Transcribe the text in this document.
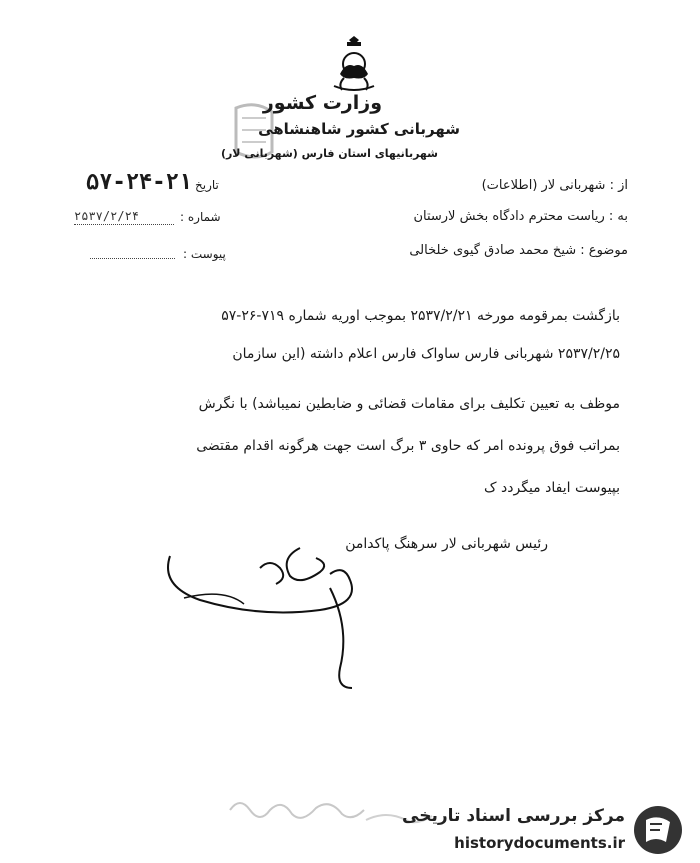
وزارت کشور
شهربانی کشور شاهنشاهی
شهربانیهای استان فارس (شهربانی لار)
از : شهربانی لار (اطلاعات)
به : ریاست محترم دادگاه بخش لارستان
موضوع : شیخ محمد صادق گیوی خلخالی
تاریخ
۵۷-۲۴-۲۱
شماره :
۲۵۳۷/۲/۲۴
پیوست :
بازگشت بمرقومه مورخه ۲۵۳۷/۲/۲۱ بموجب اوریه شماره ۷۱۹-۲۶-۵۷
۲۵۳۷/۲/۲۵ شهربانی فارس ساواک فارس اعلام داشته (این سازمان
موظف به تعیین تکلیف برای مقامات قضائی و ضابطین نمیباشد) با نگرش
بمراتب فوق پرونده امر که حاوی ۳ برگ است جهت هرگونه اقدام مقتضی
بپیوست ایفاد میگردد ک
رئیس شهربانی لار سرهنگ پاکدامن
مرکز بررسی اسناد تاریخی
historydocuments.ir
